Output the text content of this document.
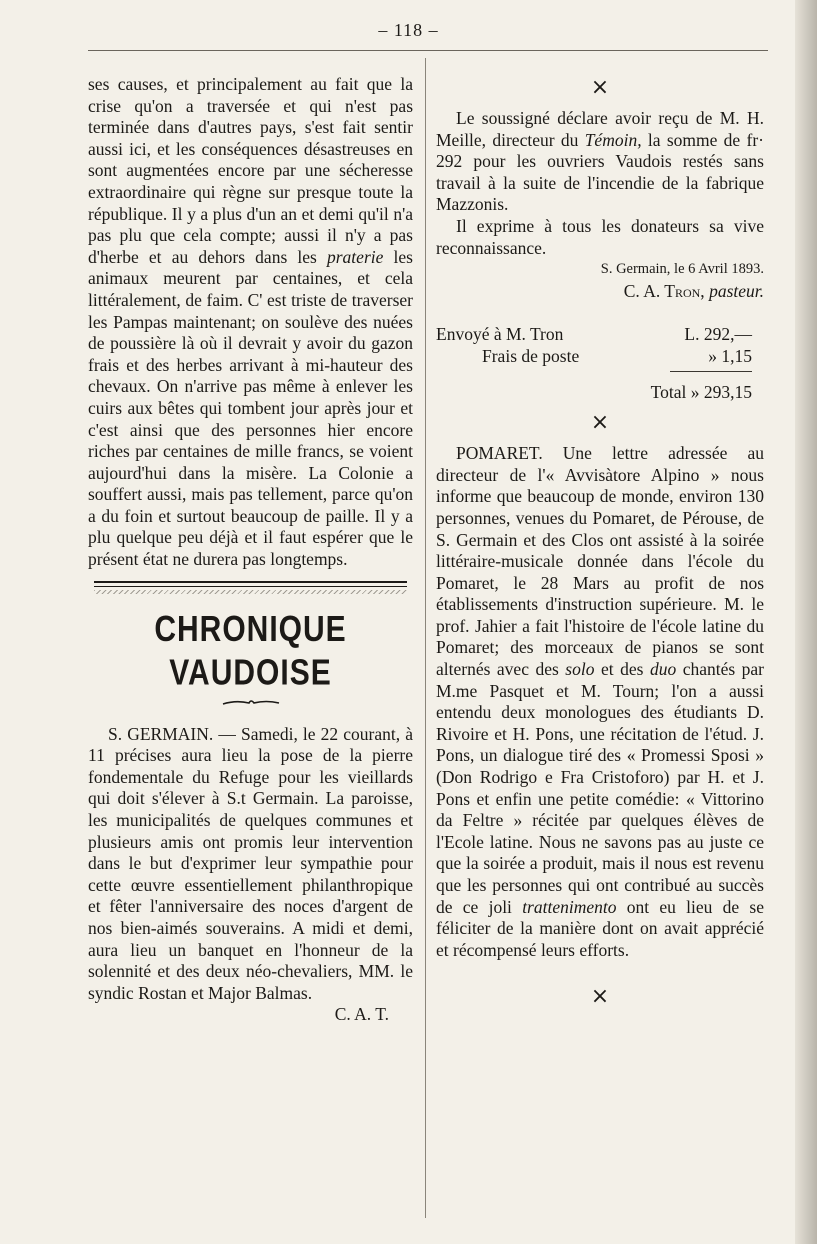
– 118 –

ses causes, et principalement au fait que la crise qu'on a traversée et qui n'est pas terminée dans d'autres pays, s'est fait sentir aussi ici, et les conséquences désastreuses en sont augmentées encore par une sécheresse extraordinaire qui règne sur presque toute la république. Il y a plus d'un an et demi qu'il n'a pas plu que cela compte; aussi il n'y a pas d'herbe et au dehors dans les praterie les animaux meurent par centaines, et cela littéralement, de faim. C' est triste de traverser les Pampas maintenant; on soulève des nuées de poussière là où il devrait y avoir du gazon frais et des herbes arrivant à mi-hauteur des chevaux. On n'arrive pas même à enlever les cuirs aux bêtes qui tombent jour après jour et c'est ainsi que des personnes hier encore riches par centaines de mille francs, se voient aujourd'hui dans la misère. La Colonie a souffert aussi, mais pas tellement, parce qu'on a du foin et surtout beaucoup de paille. Il y a plu quelque peu déjà et il faut espérer que le présent état ne durera pas longtemps.

CHRONIQUE VAUDOISE

S. GERMAIN. — Samedi, le 22 courant, à 11 précises aura lieu la pose de la pierre fondementale du Refuge pour les vieillards qui doit s'élever à S.t Germain. La paroisse, les municipalités de quelques communes et plusieurs amis ont promis leur intervention dans le but d'exprimer leur sympathie pour cette œuvre essentiellement philanthropique et fêter l'anniversaire des noces d'argent de nos bien-aimés souverains. A midi et demi, aura lieu un banquet en l'honneur de la solennité et des deux néo-chevaliers, MM. le syndic Rostan et Major Balmas.

C. A. T.

×

Le soussigné déclare avoir reçu de M. H. Meille, directeur du Témoin, la somme de fr· 292 pour les ouvriers Vaudois restés sans travail à la suite de l'incendie de la fabrique Mazzonis.

Il exprime à tous les donateurs sa vive reconnaissance.

S. Germain, le 6 Avril 1893.

C. A. Tron, pasteur.

Envoyé à M. Tron	L. 292,—
Frais de poste	» 1,15
Total » 293,15

×

POMARET. Une lettre adressée au directeur de l'« Avvisàtore Alpino » nous informe que beaucoup de monde, environ 130 personnes, venues du Pomaret, de Pérouse, de S. Germain et des Clos ont assisté à la soirée littéraire-musicale donnée dans l'école du Pomaret, le 28 Mars au profit de nos établissements d'instruction supérieure. M. le prof. Jahier a fait l'histoire de l'école latine du Pomaret; des morceaux de pianos se sont alternés avec des solo et des duo chantés par M.me Pasquet et M. Tourn; l'on a aussi entendu deux monologues des étudiants D. Rivoire et H. Pons, une récitation de l'étud. J. Pons, un dialogue tiré des « Promessi Sposi » (Don Rodrigo e Fra Cristoforo) par H. et J. Pons et enfin une petite comédie: « Vittorino da Feltre » récitée par quelques élèves de l'Ecole latine. Nous ne savons pas au juste ce que la soirée a produit, mais il nous est revenu que les personnes qui ont contribué au succès de ce joli trattenimento ont eu lieu de se féliciter de la manière dont on avait apprécié et récompensé leurs efforts.

×
